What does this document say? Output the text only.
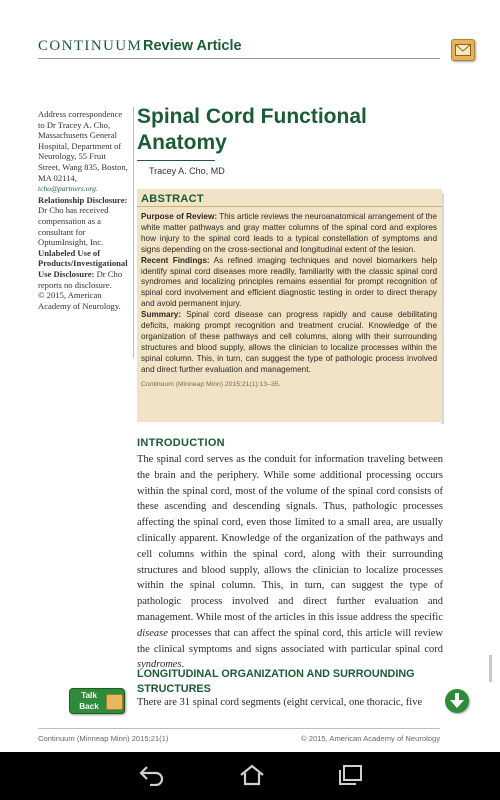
CONTINUUM Review Article

Address correspondence to Dr Tracey A. Cho, Massachusetts General Hospital, Department of Neurology, 55 Fruit Street, Wang 835, Boston, MA 02114, tcho@partners.org.

Relationship Disclosure: Dr Cho has received compensation as a consultant for OptumInsight, Inc.

Unlabeled Use of Products/Investigational Use Disclosure: Dr Cho reports no disclosure.

© 2015, American Academy of Neurology.

Spinal Cord Functional
Anatomy
Tracey A. Cho, MD
ABSTRACT

Purpose of Review: This article reviews the neuroanatomical arrangement of the white matter pathways and gray matter columns of the spinal cord and explores how injury to the spinal cord leads to a typical constellation of symptoms and signs depending on the cross-sectional and longitudinal extent of the lesion.

Recent Findings: As refined imaging techniques and novel biomarkers help identify spinal cord diseases more readily, familiarity with the classic spinal cord syndromes and localizing principles remains essential for prompt recognition of spinal cord involvement and efficient diagnostic testing in order to direct therapy and avoid permanent injury.

Summary: Spinal cord disease can progress rapidly and cause debilitating deficits, making prompt recognition and treatment crucial. Knowledge of the organization of these pathways and cell columns, along with their surrounding structures and blood supply, allows the clinician to localize processes within the spinal column. This, in turn, can suggest the type of pathologic process involved and direct further evaluation and management.

Continuum (Minneap Minn) 2015;21(1):13–35.

INTRODUCTION

The spinal cord serves as the conduit for information traveling between the brain and the periphery. While some additional processing occurs within the spinal cord, most of the volume of the spinal cord consists of these ascending and descending signals. Thus, pathologic processes affecting the spinal cord, even those limited to a small area, are usually clinically apparent. Knowledge of the organization of the pathways and cell columns within the spinal cord, along with their surrounding structures and blood supply, allows the clinician to localize processes within the spinal column. This, in turn, can suggest the type of pathologic process involved and direct further evaluation and management. While most of the articles in this issue address the specific disease processes that can affect the spinal cord, this article will review the clinical symptoms and signs associated with particular spinal cord syndromes.

LONGITUDINAL ORGANIZATION AND SURROUNDING STRUCTURES
There are 31 spinal cord segments (eight cervical, one thoracic, five
Talk
Back
Continuum (Minneap Minn) 2015;21(1)	© 2015, American Academy of Neurology
